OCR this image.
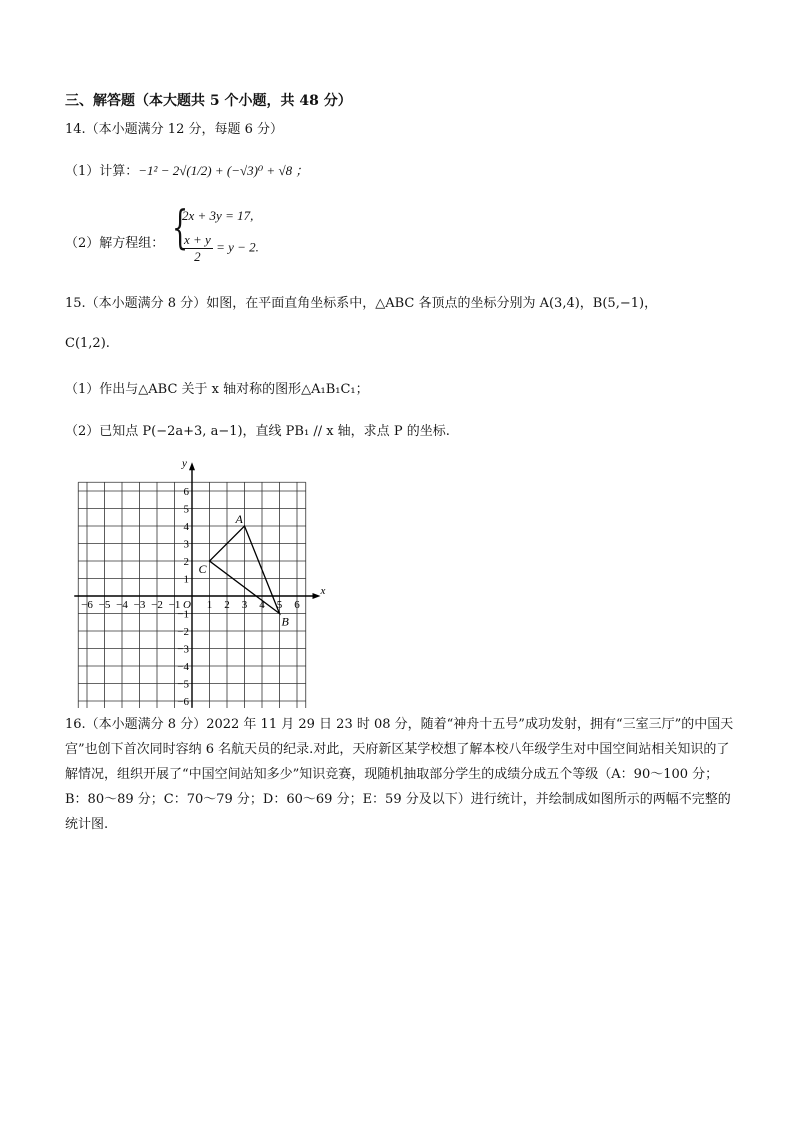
三、解答题（本大题共 5 个小题，共 48 分）
14.（本小题满分 12 分，每题 6 分）
（1）计算：−1² − 2√(1/2) + (−√3)⁰ + √8 ；
（2）解方程组： {
2x + 3y = 17,
$\frac{x + y}{2} = y - 2$.
15.（本小题满分 8 分）如图，在平面直角坐标系中，△ABC 各顶点的坐标分别为 A(3,4)，B(5,−1)，
C(1,2).
（1）作出与△ABC 关于 x 轴对称的图形△A₁B₁C₁；
（2）已知点 P(−2a+3, a−1)，直线 PB₁ // x 轴，求点 P 的坐标.
x
y
O
−6 −5 −4 −3 −2 −1 1 2 3 4 5 6
6
5
4
3
2
1
−1
−2
−3
−4
−5
−6
A
B
C
16.（本小题满分 8 分）2022 年 11 月 29 日 23 时 08 分，随着“神舟十五号”成功发射，拥有“三室三厅”的中国天宫”也创下首次同时容纳 6 名航天员的纪录.对此，天府新区某学校想了解本校八年级学生对中国空间站相关知识的了解情况，组织开展了“中国空间站知多少”知识竞赛，现随机抽取部分学生的成绩分成五个等级（A：90～100 分；B：80～89 分；C：70～79 分；D：60～69 分；E：59 分及以下）进行统计，并绘制成如图所示的两幅不完整的统计图.
